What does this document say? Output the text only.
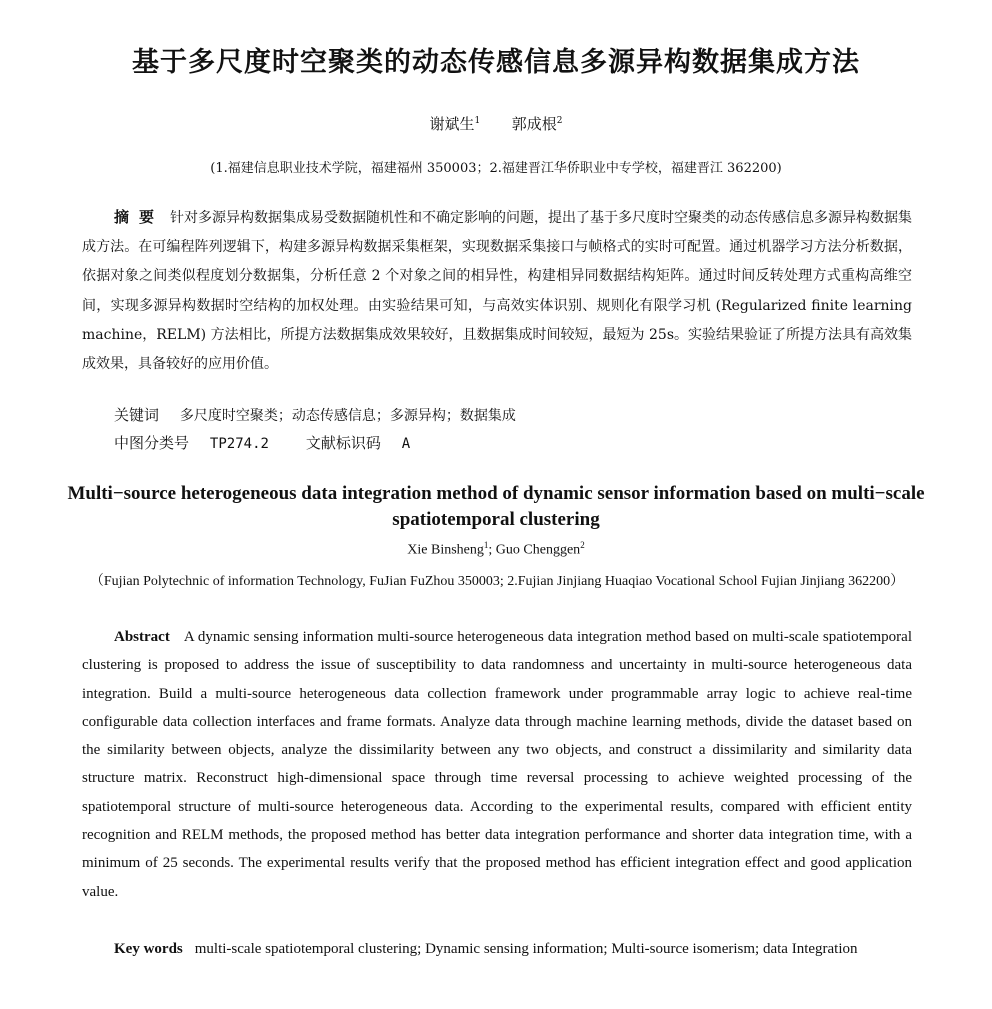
基于多尺度时空聚类的动态传感信息多源异构数据集成方法
谢斌生$^1$ 郭成根$^2$
(1.福建信息职业技术学院，福建福州 350003；2.福建晋江华侨职业中专学校，福建晋江 362200)

摘要 针对多源异构数据集成易受数据随机性和不确定影响的问题，提出了基于多尺度时空聚类的动态传感信息多源异构数据集成方法。在可编程阵列逻辑下，构建多源异构数据采集框架，实现数据采集接口与帧格式的实时可配置。通过机器学习方法分析数据，依据对象之间类似程度划分数据集，分析任意 2 个对象之间的相异性，构建相异同数据结构矩阵。通过时间反转处理方式重构高维空间，实现多源异构数据时空结构的加权处理。由实验结果可知，与高效实体识别、规则化有限学习机 (Regularized finite learning machine，RELM) 方法相比，所提方法数据集成效果较好，且数据集成时间较短，最短为 25s。实验结果验证了所提方法具有高效集成效果，具备较好的应用价值。

关键词 多尺度时空聚类；动态传感信息；多源异构；数据集成
中图分类号 TP274.2 文献标识码 A
Multi−source heterogeneous data integration method of dynamic sensor information based on multi−scale spatiotemporal clustering
Xie Binsheng$^1$; Guo Chenggen$^2$
（Fujian Polytechnic of information Technology, FuJian FuZhou 350003; 2.Fujian Jinjiang Huaqiao Vocational School Fujian Jinjiang 362200）

Abstract A dynamic sensing information multi-source heterogeneous data integration method based on multi-scale spatiotemporal clustering is proposed to address the issue of susceptibility to data randomness and uncertainty in multi-source heterogeneous data integration. Build a multi-source heterogeneous data collection framework under programmable array logic to achieve real-time configurable data collection interfaces and frame formats. Analyze data through machine learning methods, divide the dataset based on the similarity between objects, analyze the dissimilarity between any two objects, and construct a dissimilarity and similarity data structure matrix. Reconstruct high-dimensional space through time reversal processing to achieve weighted processing of the spatiotemporal structure of multi-source heterogeneous data. According to the experimental results, compared with efficient entity recognition and RELM methods, the proposed method has better data integration performance and shorter data integration time, with a minimum of 25 seconds. The experimental results verify that the proposed method has efficient integration effect and good application value.

Key words multi-scale spatiotemporal clustering; Dynamic sensing information; Multi-source isomerism; data Integration
